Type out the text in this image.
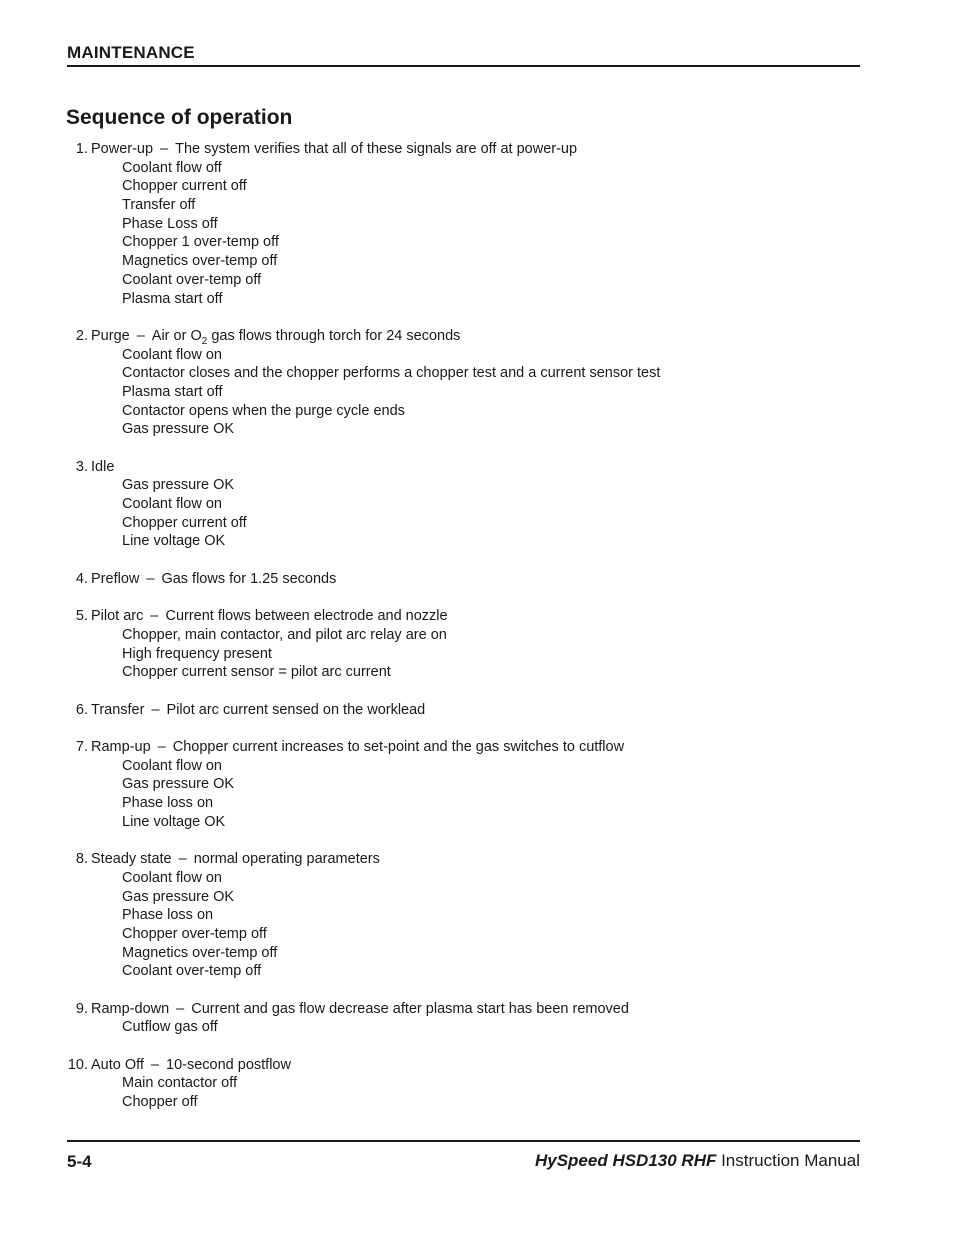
MAINTENANCE
Sequence of operation
1. Power-up – The system verifies that all of these signals are off at power-up
Coolant flow off
Chopper current off
Transfer off
Phase Loss off
Chopper 1 over-temp off
Magnetics over-temp off
Coolant over-temp off
Plasma start off
2. Purge – Air or $O_2$ gas flows through torch for 24 seconds
Coolant flow on
Contactor closes and the chopper performs a chopper test and a current sensor test
Plasma start off
Contactor opens when the purge cycle ends
Gas pressure OK
3. Idle
Gas pressure OK
Coolant flow on
Chopper current off
Line voltage OK
4. Preflow – Gas flows for 1.25 seconds
5. Pilot arc – Current flows between electrode and nozzle
Chopper, main contactor, and pilot arc relay are on
High frequency present
Chopper current sensor = pilot arc current
6. Transfer – Pilot arc current sensed on the worklead
7. Ramp-up – Chopper current increases to set-point and the gas switches to cutflow
Coolant flow on
Gas pressure OK
Phase loss on
Line voltage OK
8. Steady state – normal operating parameters
Coolant flow on
Gas pressure OK
Phase loss on
Chopper over-temp off
Magnetics over-temp off
Coolant over-temp off
9. Ramp-down – Current and gas flow decrease after plasma start has been removed
Cutflow gas off
10. Auto Off – 10-second postflow
Main contactor off
Chopper off
5-4	HySpeed HSD130 RHF Instruction Manual
